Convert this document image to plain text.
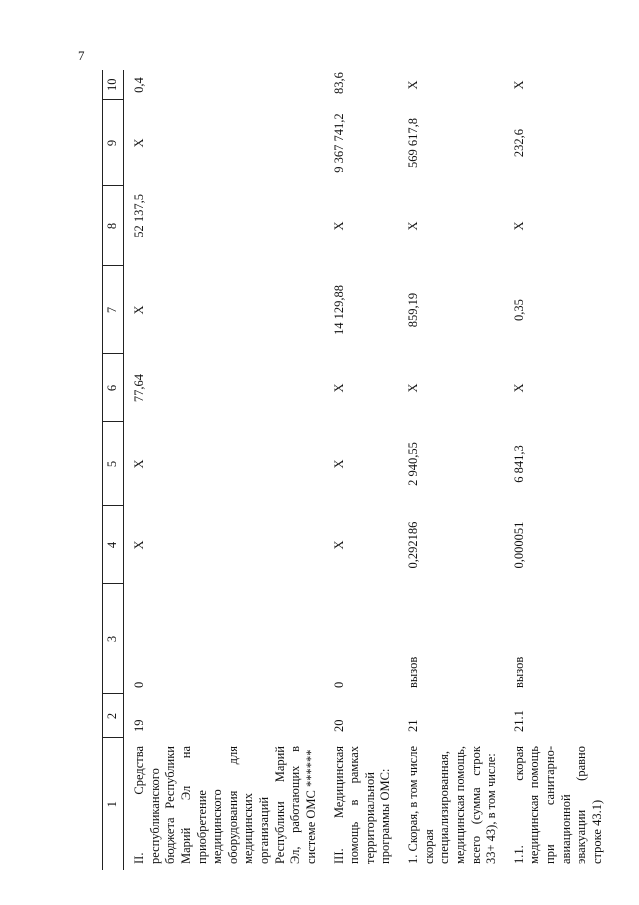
7
1	2	3	4	5	6	7	8	9	10
II. Средства республиканского бюджета Республики Марий Эл на приобретение медицинского оборудования для медицинских организаций Республики Марий Эл, работающих в системе ОМС ******	19	0	X	X	77,64	X	52 137,5	X	0,4
III. Медицинская помощь в рамках территориальной программы ОМС:	20	0	X	X	X	14 129,88	X	9 367 741,2	83,6
1. Скорая, в том числе скорая специализированная, медицинская помощь, всего (сумма строк 33+ 43), в том числе:	21	вызов	0,292186	2 940,55	X	859,19	X	569 617,8	X
1.1. скорая медицинская помощь при санитарно-авиационной эвакуации (равно строке 43.1)	21.1	вызов	0,000051	6 841,3	X	0,35	X	232,6	X
